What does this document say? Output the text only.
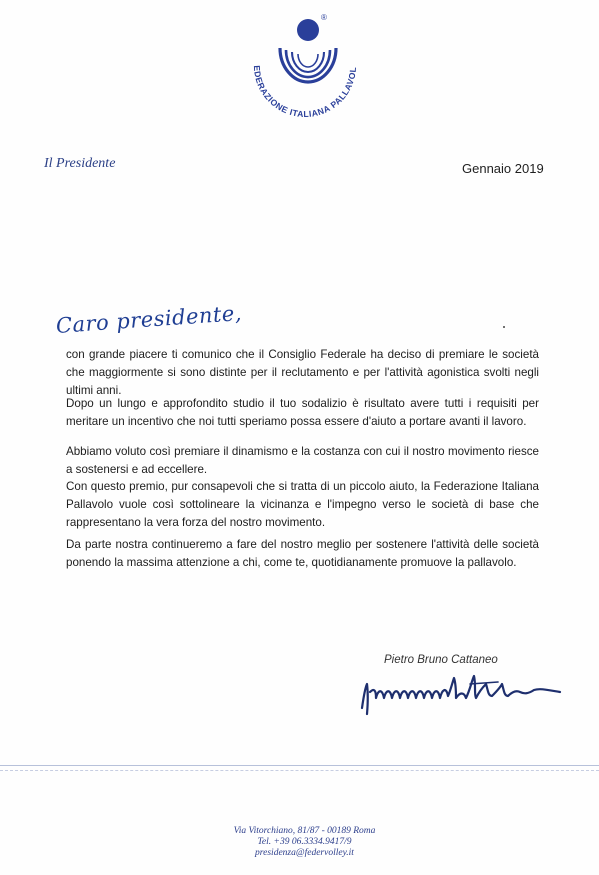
®
EDERAZIONE ITALIANA PALLAVOL
Il Presidente	Gennaio 2019
Caro presidente,
con grande piacere ti comunico che il Consiglio Federale ha deciso di premiare le società che maggiormente si sono distinte per il reclutamento e per l'attività agonistica svolti negli ultimi anni.
Dopo un lungo e approfondito studio il tuo sodalizio è risultato avere tutti i requisiti per meritare un incentivo che noi tutti speriamo possa essere d'aiuto a portare avanti il lavoro.
Abbiamo voluto così premiare il dinamismo e la costanza con cui il nostro movimento riesce a sostenersi e ad eccellere.
Con questo premio, pur consapevoli che si tratta di un piccolo aiuto, la Federazione Italiana Pallavolo vuole così sottolineare la vicinanza e l'impegno verso le società di base che rappresentano la vera forza del nostro movimento.
Da parte nostra continueremo a fare del nostro meglio per sostenere l'attività delle società ponendo la massima attenzione a chi, come te, quotidianamente promuove la pallavolo.
Pietro Bruno Cattaneo
Via Vitorchiano, 81/87 - 00189 Roma
Tel. +39 06.3334.9417/9
presidenza@federvolley.it
